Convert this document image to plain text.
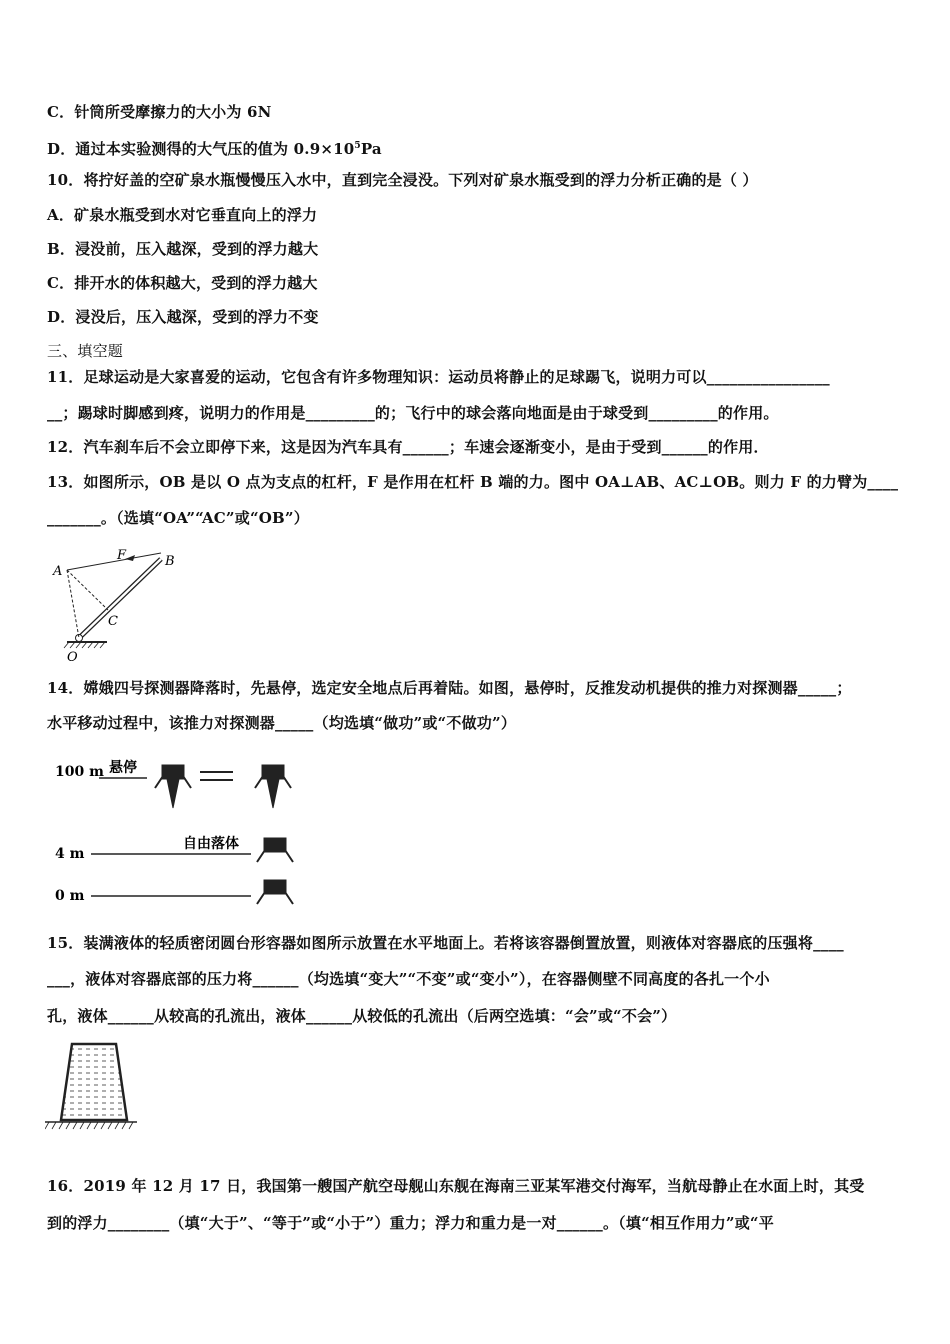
C．针筒所受摩擦力的大小为 6N
D．通过本实验测得的大气压的值为 $0.9\times 10^5Pa$
10．将拧好盖的空矿泉水瓶慢慢压入水中，直到完全浸没。下列对矿泉水瓶受到的浮力分析正确的是（ ）
A．矿泉水瓶受到水对它垂直向上的浮力
B．浸没前，压入越深，受到的浮力越大
C．排开水的体积越大，受到的浮力越大
D．浸没后，压入越深，受到的浮力不变
三、填空题
11．足球运动是大家喜爱的运动，它包含有许多物理知识：运动员将静止的足球踢飞，说明力可以________________
__；踢球时脚感到疼，说明力的作用是_________的；飞行中的球会落向地面是由于球受到_________的作用。
12．汽车刹车后不会立即停下来，这是因为汽车具有______；车速会逐渐变小，是由于受到______的作用．
13．如图所示，OB 是以 O 点为支点的杠杆，F 是作用在杠杆 B 端的力。图中 OA⊥AB、AC⊥OB。则力 F 的力臂为____
_______。（选填“OA”“AC”或“OB”）
A
B
C
O
F
14．嫦娥四号探测器降落时，先悬停，选定安全地点后再着陆。如图，悬停时，反推发动机提供的推力对探测器_____；
水平移动过程中，该推力对探测器_____（均选填“做功”或“不做功”）
100 m 悬停
4 m
自由落体
0 m
15．装满液体的轻质密闭圆台形容器如图所示放置在水平地面上。若将该容器倒置放置，则液体对容器底的压强将____
___，液体对容器底部的压力将______（均选填“变大”“不变”或“变小”），在容器侧壁不同高度的各扎一个小
孔，液体______从较高的孔流出，液体______从较低的孔流出（后两空选填：“会”或“不会”）
16．2019 年 12 月 17 日，我国第一艘国产航空母舰山东舰在海南三亚某军港交付海军，当航母静止在水面上时，其受
到的浮力________（填“大于”、“等于”或“小于”）重力；浮力和重力是一对______。（填“相互作用力”或“平
